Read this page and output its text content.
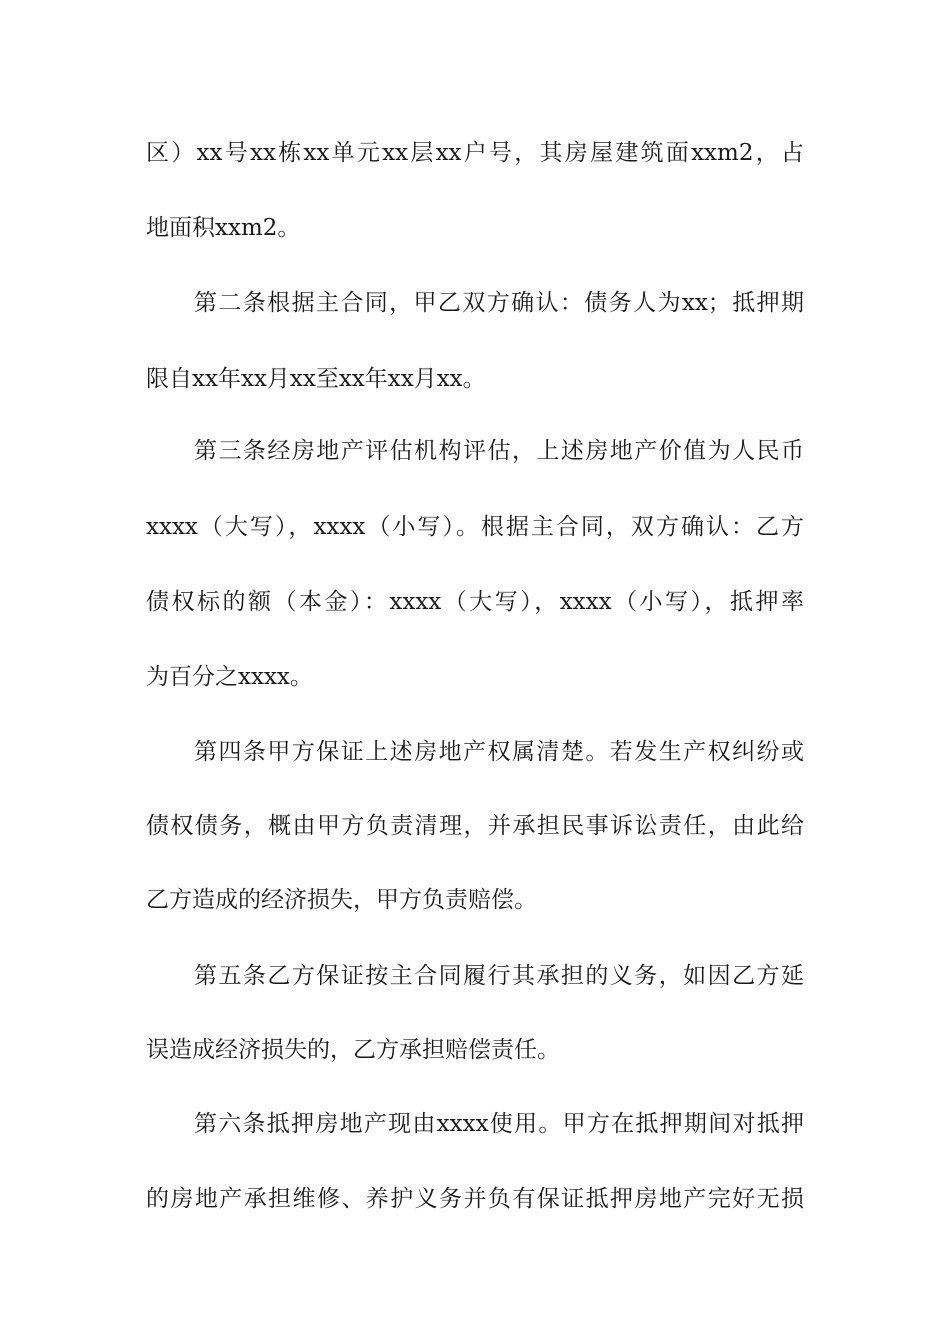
区）xx号xx栋xx单元xx层xx户号，其房屋建筑面xxm2，占
地面积xxm2。
第二条根据主合同，甲乙双方确认：债务人为xx；抵押期
限自xx年xx月xx至xx年xx月xx。
第三条经房地产评估机构评估，上述房地产价值为人民币
xxxx（大写），xxxx（小写）。根据主合同，双方确认：乙方
债权标的额（本金）：xxxx（大写），xxxx（小写），抵押率
为百分之xxxx。
第四条甲方保证上述房地产权属清楚。若发生产权纠纷或
债权债务，概由甲方负责清理，并承担民事诉讼责任，由此给
乙方造成的经济损失，甲方负责赔偿。
第五条乙方保证按主合同履行其承担的义务，如因乙方延
误造成经济损失的，乙方承担赔偿责任。
第六条抵押房地产现由xxxx使用。甲方在抵押期间对抵押
的房地产承担维修、养护义务并负有保证抵押房地产完好无损
